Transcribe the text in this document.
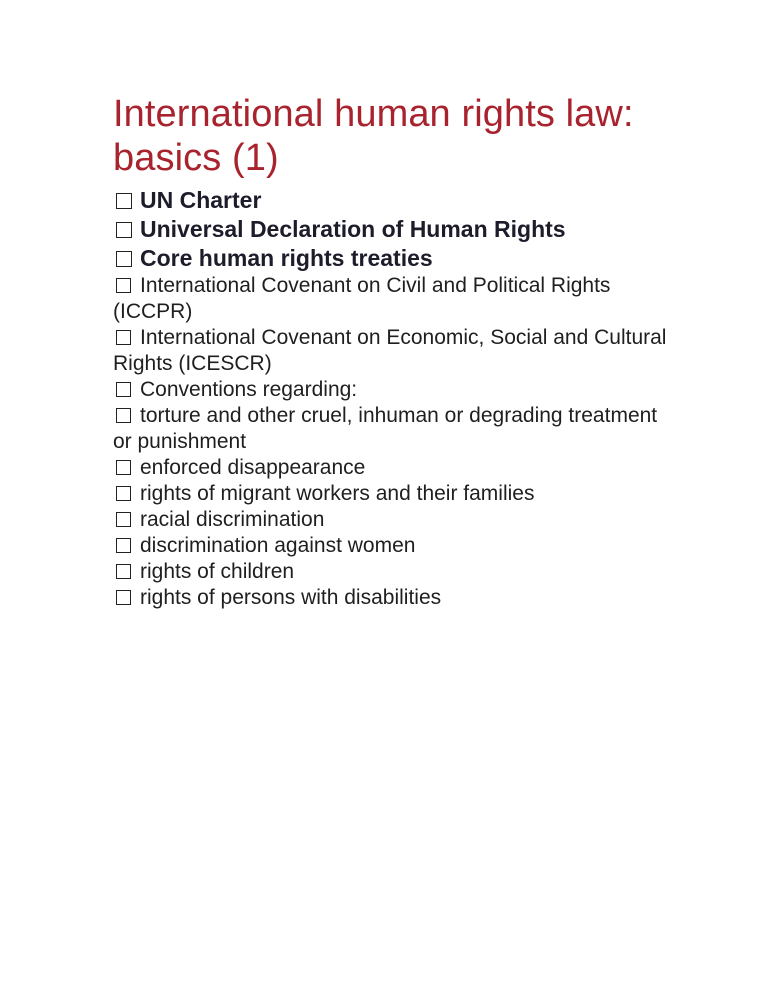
International human rights law: basics (1)
UN Charter
Universal Declaration of Human Rights
Core human rights treaties
International Covenant on Civil and Political Rights (ICCPR)
International Covenant on Economic, Social and Cultural Rights (ICESCR)
Conventions regarding:
torture and other cruel, inhuman or degrading treatment or punishment
enforced disappearance
rights of migrant workers and their families
racial discrimination
discrimination against women
rights of children
rights of persons with disabilities
